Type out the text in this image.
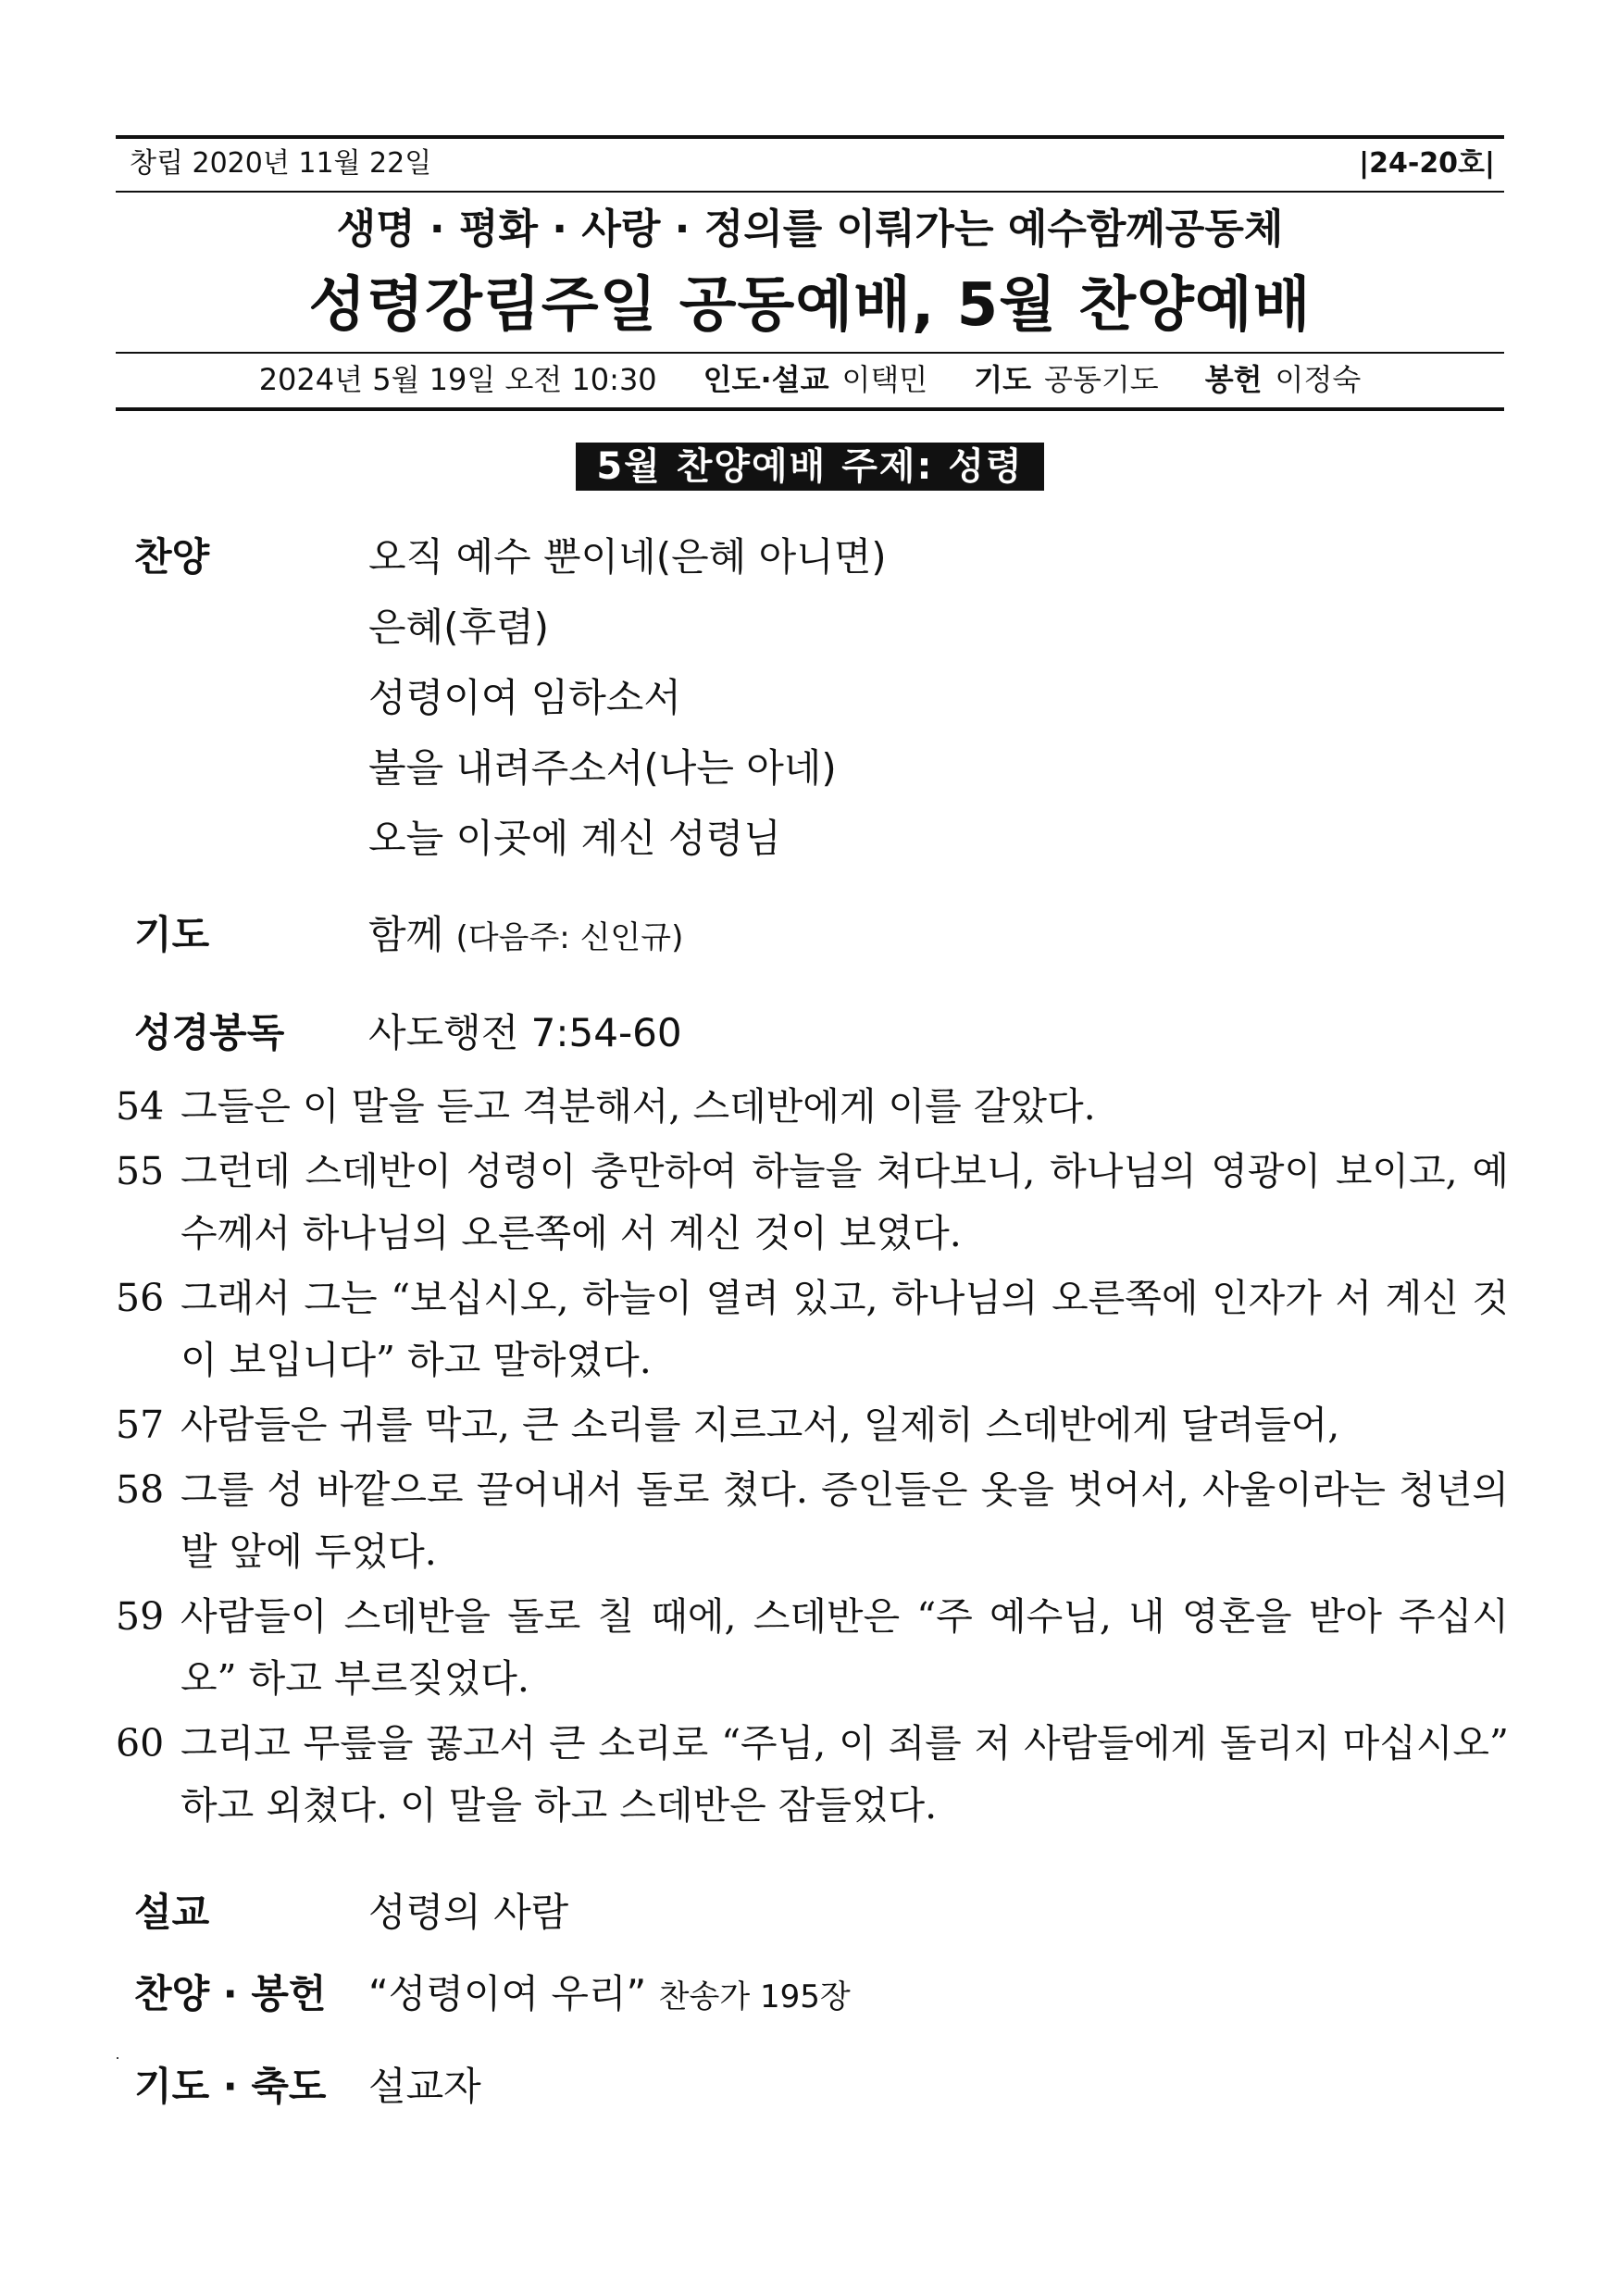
창립 2020년 11월 22일	|24-20호|
생명 · 평화 · 사랑 · 정의를 이뤄가는 예수함께공동체
성령강림주일 공동예배, 5월 찬양예배
2024년 5월 19일 오전 10:30 인도·설교 이택민 기도 공동기도 봉헌 이정숙
5월 찬양예배 주제: 성령
찬양	오직 예수 뿐이네(은혜 아니면)
은혜(후렴)
성령이여 임하소서
불을 내려주소서(나는 아네)
오늘 이곳에 계신 성령님
기도	함께 (다음주: 신인규)
성경봉독 사도행전 7:54-60

54 그들은 이 말을 듣고 격분해서, 스데반에게 이를 갈았다.

55 그런데 스데반이 성령이 충만하여 하늘을 쳐다보니, 하나님의 영광이 보이고, 예수께서 하나님의 오른쪽에 서 계신 것이 보였다.

56 그래서 그는 “보십시오, 하늘이 열려 있고, 하나님의 오른쪽에 인자가 서 계신 것이 보입니다” 하고 말하였다.

57 사람들은 귀를 막고, 큰 소리를 지르고서, 일제히 스데반에게 달려들어,

58 그를 성 바깥으로 끌어내서 돌로 쳤다. 증인들은 옷을 벗어서, 사울이라는 청년의 발 앞에 두었다.

59 사람들이 스데반을 돌로 칠 때에, 스데반은 “주 예수님, 내 영혼을 받아 주십시오” 하고 부르짖었다.

60 그리고 무릎을 꿇고서 큰 소리로 “주님, 이 죄를 저 사람들에게 돌리지 마십시오” 하고 외쳤다. 이 말을 하고 스데반은 잠들었다.

설교	성령의 사람
찬양 · 봉헌 “성령이여 우리” 찬송가 195장
기도 · 축도 설교자
